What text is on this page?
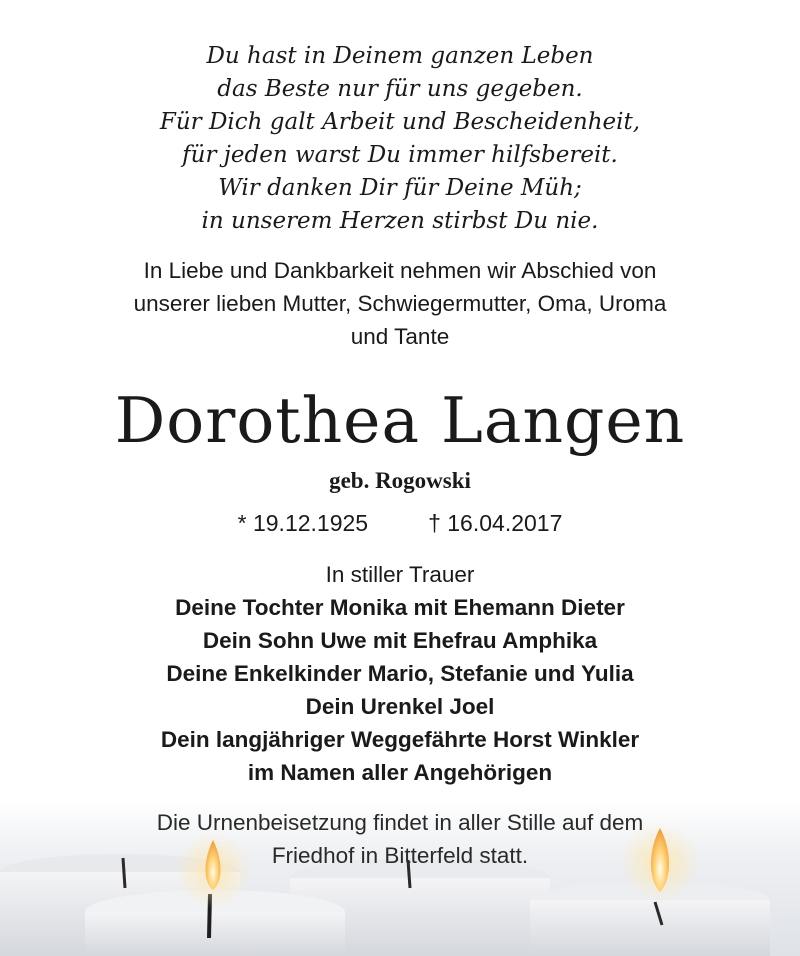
Du hast in Deinem ganzen Leben
das Beste nur für uns gegeben.
Für Dich galt Arbeit und Bescheidenheit,
für jeden warst Du immer hilfsbereit.
Wir danken Dir für Deine Müh;
in unserem Herzen stirbst Du nie.
In Liebe und Dankbarkeit nehmen wir Abschied von
unserer lieben Mutter, Schwiegermutter, Oma, Uroma
und Tante
Dorothea Langen
geb. Rogowski
* 19.12.1925	† 16.04.2017
In stiller Trauer
Deine Tochter Monika mit Ehemann Dieter
Dein Sohn Uwe mit Ehefrau Amphika
Deine Enkelkinder Mario, Stefanie und Yulia
Dein Urenkel Joel
Dein langjähriger Weggefährte Horst Winkler
im Namen aller Angehörigen
Die Urnenbeisetzung findet in aller Stille auf dem
Friedhof in Bitterfeld statt.
